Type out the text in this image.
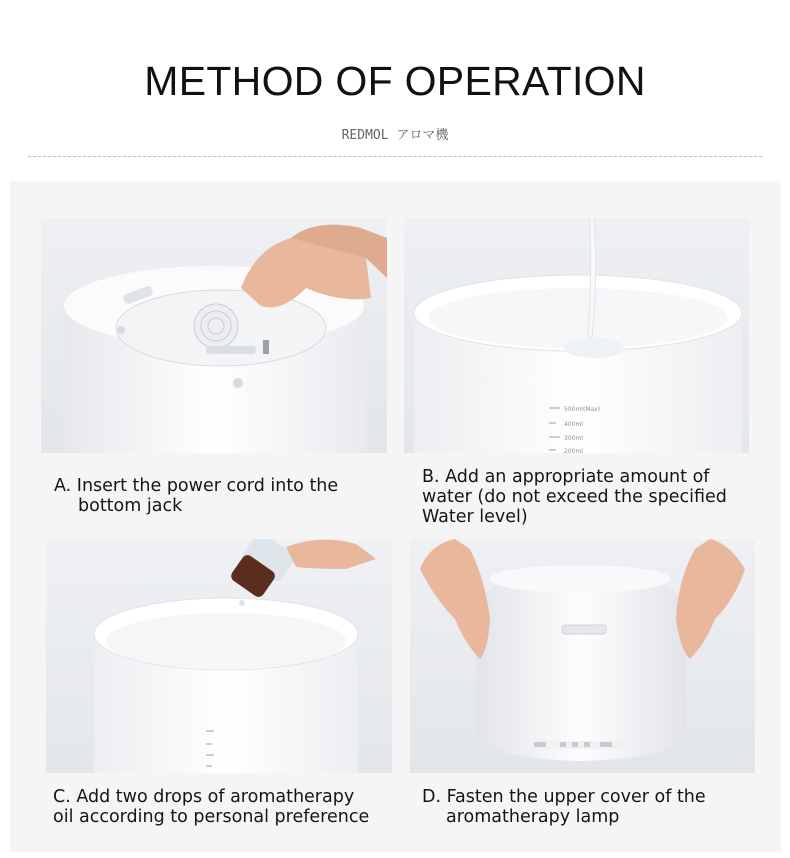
METHOD OF OPERATION
REDMOL アロマ機
500ml(Max)
400ml
300ml
200ml
A. Insert the power cord into the
bottom jack
B. Add an appropriate amount of
water (do not exceed the specified
Water level)
C. Add two drops of aromatherapy
oil according to personal preference
D. Fasten the upper cover of the
aromatherapy lamp
